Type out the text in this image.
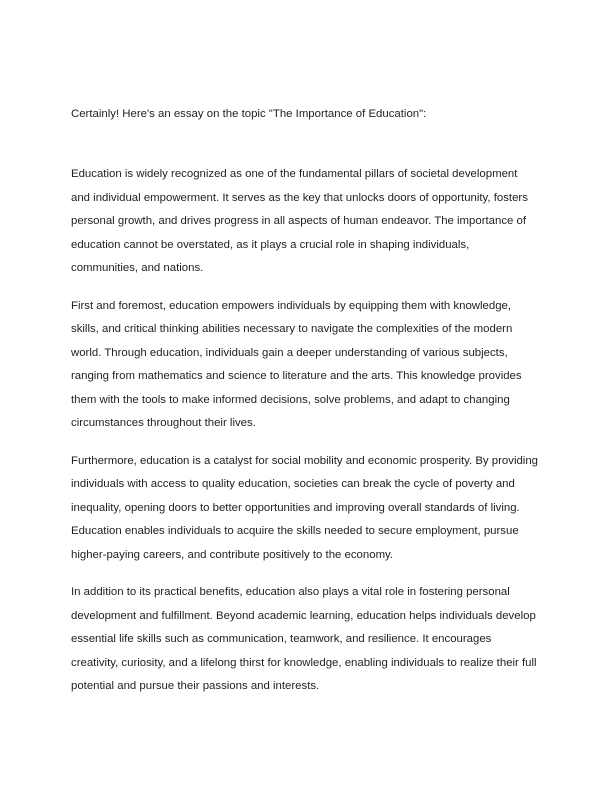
Certainly! Here's an essay on the topic "The Importance of Education":

Education is widely recognized as one of the fundamental pillars of societal development and individual empowerment. It serves as the key that unlocks doors of opportunity, fosters personal growth, and drives progress in all aspects of human endeavor. The importance of education cannot be overstated, as it plays a crucial role in shaping individuals, communities, and nations.

First and foremost, education empowers individuals by equipping them with knowledge, skills, and critical thinking abilities necessary to navigate the complexities of the modern world. Through education, individuals gain a deeper understanding of various subjects, ranging from mathematics and science to literature and the arts. This knowledge provides them with the tools to make informed decisions, solve problems, and adapt to changing circumstances throughout their lives.

Furthermore, education is a catalyst for social mobility and economic prosperity. By providing individuals with access to quality education, societies can break the cycle of poverty and inequality, opening doors to better opportunities and improving overall standards of living. Education enables individuals to acquire the skills needed to secure employment, pursue higher-paying careers, and contribute positively to the economy.

In addition to its practical benefits, education also plays a vital role in fostering personal development and fulfillment. Beyond academic learning, education helps individuals develop essential life skills such as communication, teamwork, and resilience. It encourages creativity, curiosity, and a lifelong thirst for knowledge, enabling individuals to realize their full potential and pursue their passions and interests.
